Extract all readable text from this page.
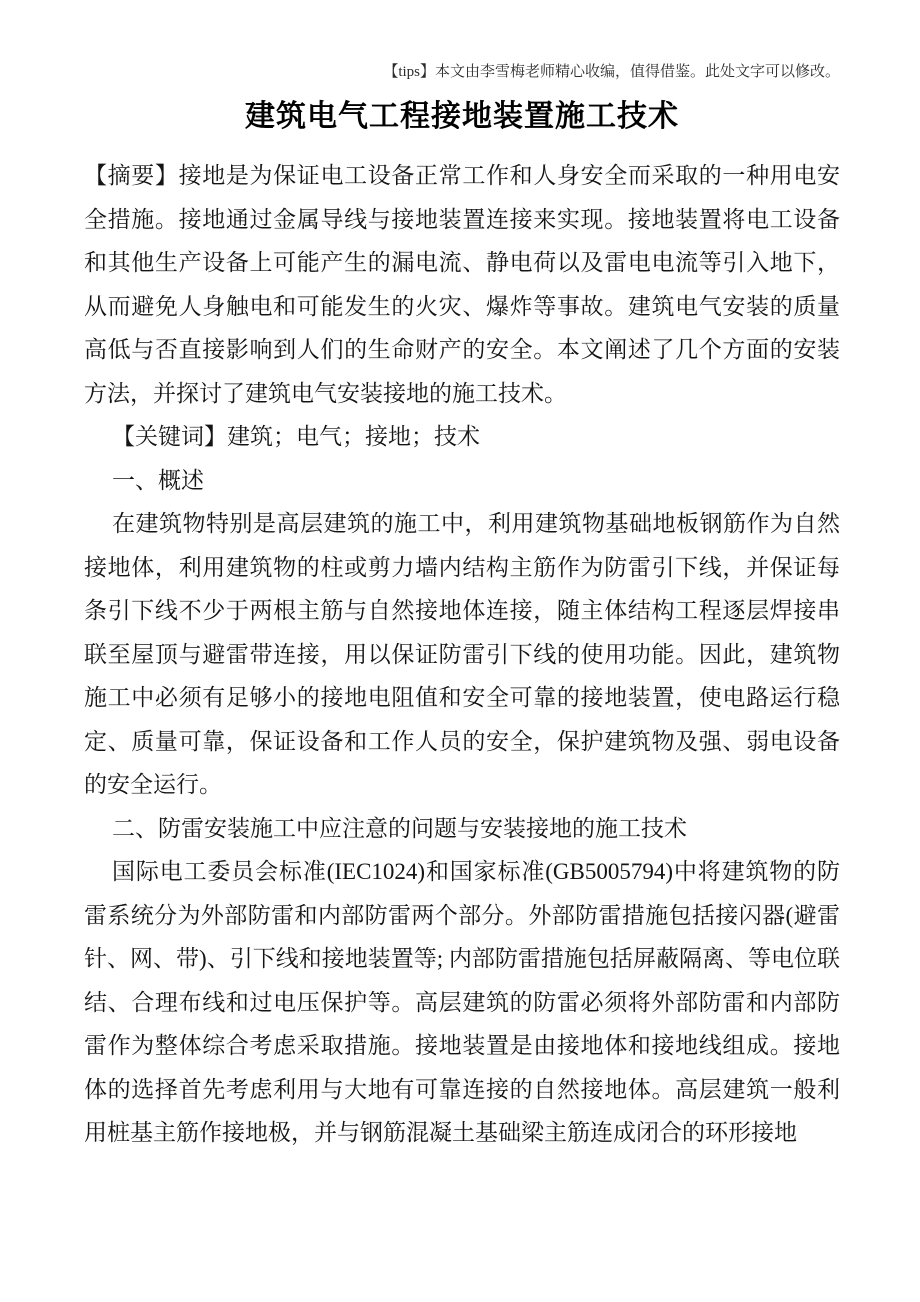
【tips】本文由李雪梅老师精心收编，值得借鉴。此处文字可以修改。

建筑电气工程接地装置施工技术

【摘要】接地是为保证电工设备正常工作和人身安全而采取的一种用电安全措施。接地通过金属导线与接地装置连接来实现。接地装置将电工设备和其他生产设备上可能产生的漏电流、静电荷以及雷电电流等引入地下，从而避免人身触电和可能发生的火灾、爆炸等事故。建筑电气安装的质量高低与否直接影响到人们的生命财产的安全。本文阐述了几个方面的安装方法，并探讨了建筑电气安装接地的施工技术。

【关键词】建筑；电气；接地；技术

一、概述

在建筑物特别是高层建筑的施工中，利用建筑物基础地板钢筋作为自然接地体，利用建筑物的柱或剪力墙内结构主筋作为防雷引下线，并保证每条引下线不少于两根主筋与自然接地体连接，随主体结构工程逐层焊接串联至屋顶与避雷带连接，用以保证防雷引下线的使用功能。因此，建筑物施工中必须有足够小的接地电阻值和安全可靠的接地装置，使电路运行稳定、质量可靠，保证设备和工作人员的安全，保护建筑物及强、弱电设备的安全运行。

二、防雷安装施工中应注意的问题与安装接地的施工技术

国际电工委员会标准(IEC1024)和国家标准(GB5005794)中将建筑物的防雷系统分为外部防雷和内部防雷两个部分。外部防雷措施包括接闪器(避雷针、网、带)、引下线和接地装置等; 内部防雷措施包括屏蔽隔离、等电位联结、合理布线和过电压保护等。高层建筑的防雷必须将外部防雷和内部防雷作为整体综合考虑采取措施。接地装置是由接地体和接地线组成。接地体的选择首先考虑利用与大地有可靠连接的自然接地体。高层建筑一般利用桩基主筋作接地极，并与钢筋混凝土基础梁主筋连成闭合的环形接地
